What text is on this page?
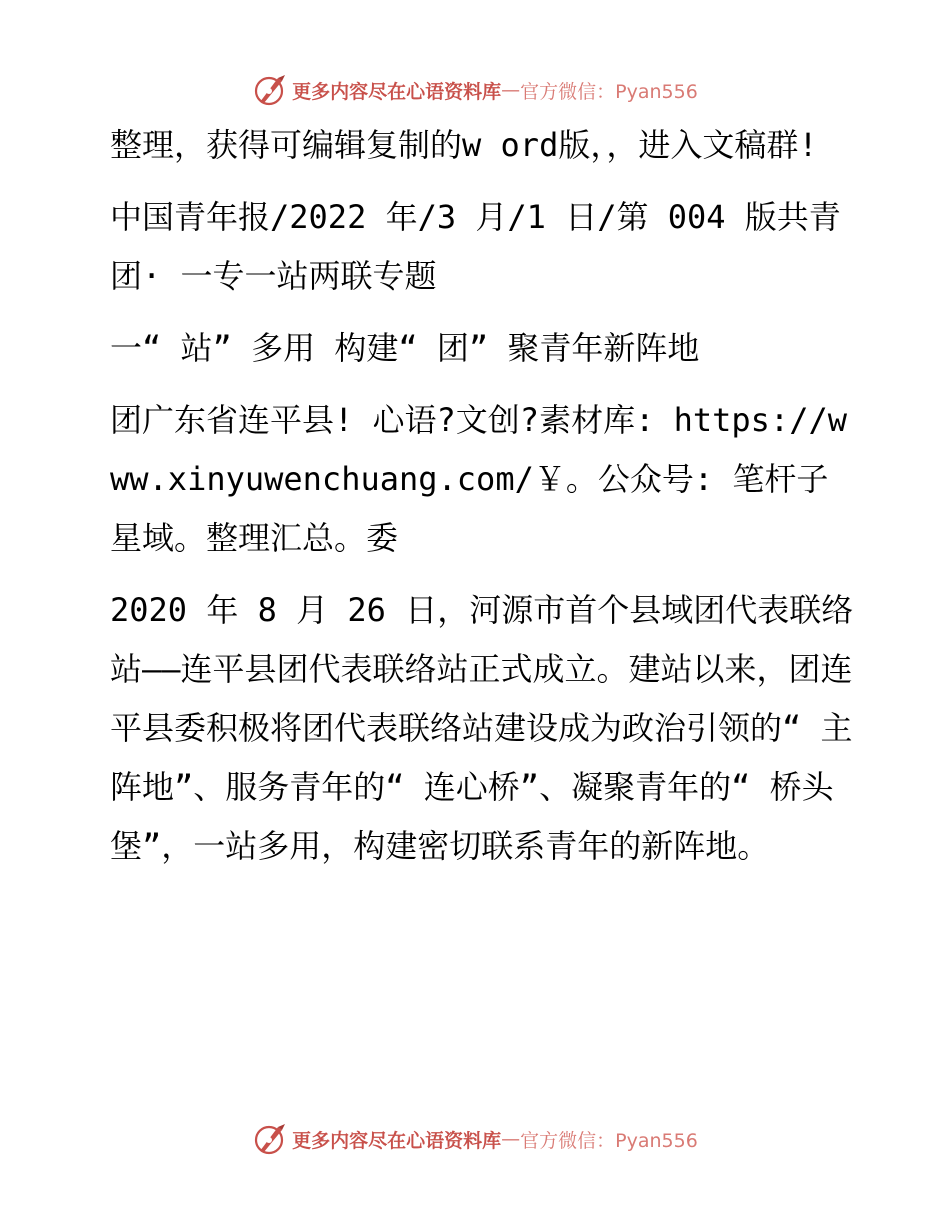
更多内容尽在心语资料库 — 官方微信：Pyan556

整理，获得可编辑复制的w ord版，，进入文稿群!

中国青年报/2022 年/3 月/1 日/第 004 版共青团· 一专一站两联专题

一“ 站” 多用 构建“ 团” 聚青年新阵地

团广东省连平县! 心语?文创?素材库: https://www.xinyuwenchuang.com/￥。公众号: 笔杆子星域。整理汇总。委

2020 年 8 月 26 日，河源市首个县域团代表联络站——连平县团代表联络站正式成立。建站以来，团连平县委积极将团代表联络站建设成为政治引领的“ 主阵地”、服务青年的“ 连心桥”、凝聚青年的“ 桥头堡”，一站多用，构建密切联系青年的新阵地。

更多内容尽在心语资料库 — 官方微信：Pyan556
